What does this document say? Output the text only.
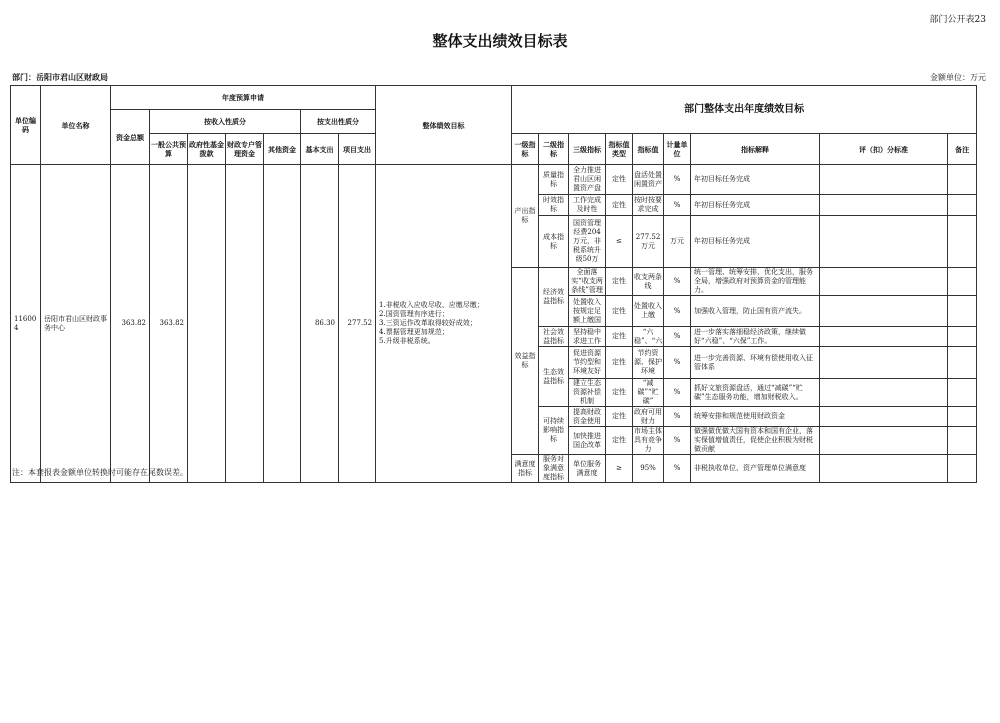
部门公开表23
整体支出绩效目标表
部门：岳阳市君山区财政局	金额单位：万元
单位编码	单位名称	年度预算申请							整体绩效目标	部门整体支出年度绩效目标								
		资金总额	按收入性质分				按支出性质分											
			一般公共预算	政府性基金拨款	财政专户管理资金	其他资金	基本支出	项目支出		一级指标	二级指标	三级指标	指标值类型	指标值	计量单位	指标解释	评（扣）分标准	备注
116004	岳阳市君山区财政事务中心	363.82	363.82				86.30	277.52	1.非税收入应收尽收、应缴尽缴；
2.国资管理有序进行；
3.三资运作改革取得较好成效；
4.票据管理更加规范；
5.升级非税系统。	产出指标	质量指标	全力推进君山区闲置资产盘	定性	盘活处置闲置资产	%	年初目标任务完成		
											时效指标	工作完成及时性	定性	按时按要求完成	%	年初目标任务完成		
											成本指标	国资管理经费204万元，非税系统升级50万	≤	277.52万元	万元	年初目标任务完成		
										效益指标	经济效益指标	全面落实“收支两条线”管理	定性	收支两条线	%	统一管理、统筹安排、优化支出，服务全局，增强政府对预算资金的管理能力。		

												处置收入按规定足额上缴国	定性	处置收入上缴	%	加强收入管理，防止国有资产流失。		
											社会效益指标	坚持稳中求进工作	定性	“六稳”、“六	%	进一步落实落细稳经济政策，继续做好“六稳”、“六保”工作。		
											生态效益指标	促进资源节约型和环境友好	定性	节约资源、保护环境	%	进一步完善资源、环境有偿使用收入征管体系		

												建立生态资源补偿机制	定性	“减碳”“贮碳”	%	抓好文旅资源盘活，通过“减碳”“贮碳”生态服务功能，增加财税收入。		
											可持续影响指标	提高财政资金使用	定性	政府可用财力	%	统筹安排和规范使用财政资金		

												加快推进国企改革	定性	市场主体具有竞争力	%	做强做优做大国有资本和国有企业，落实保值增值责任，促使企业积极为财税做贡献		
										满意度指标	服务对象满意度指标	单位服务满意度	≥	95%	%	非税执收单位、资产管理单位满意度		
注：本套报表金额单位转换时可能存在尾数误差。
